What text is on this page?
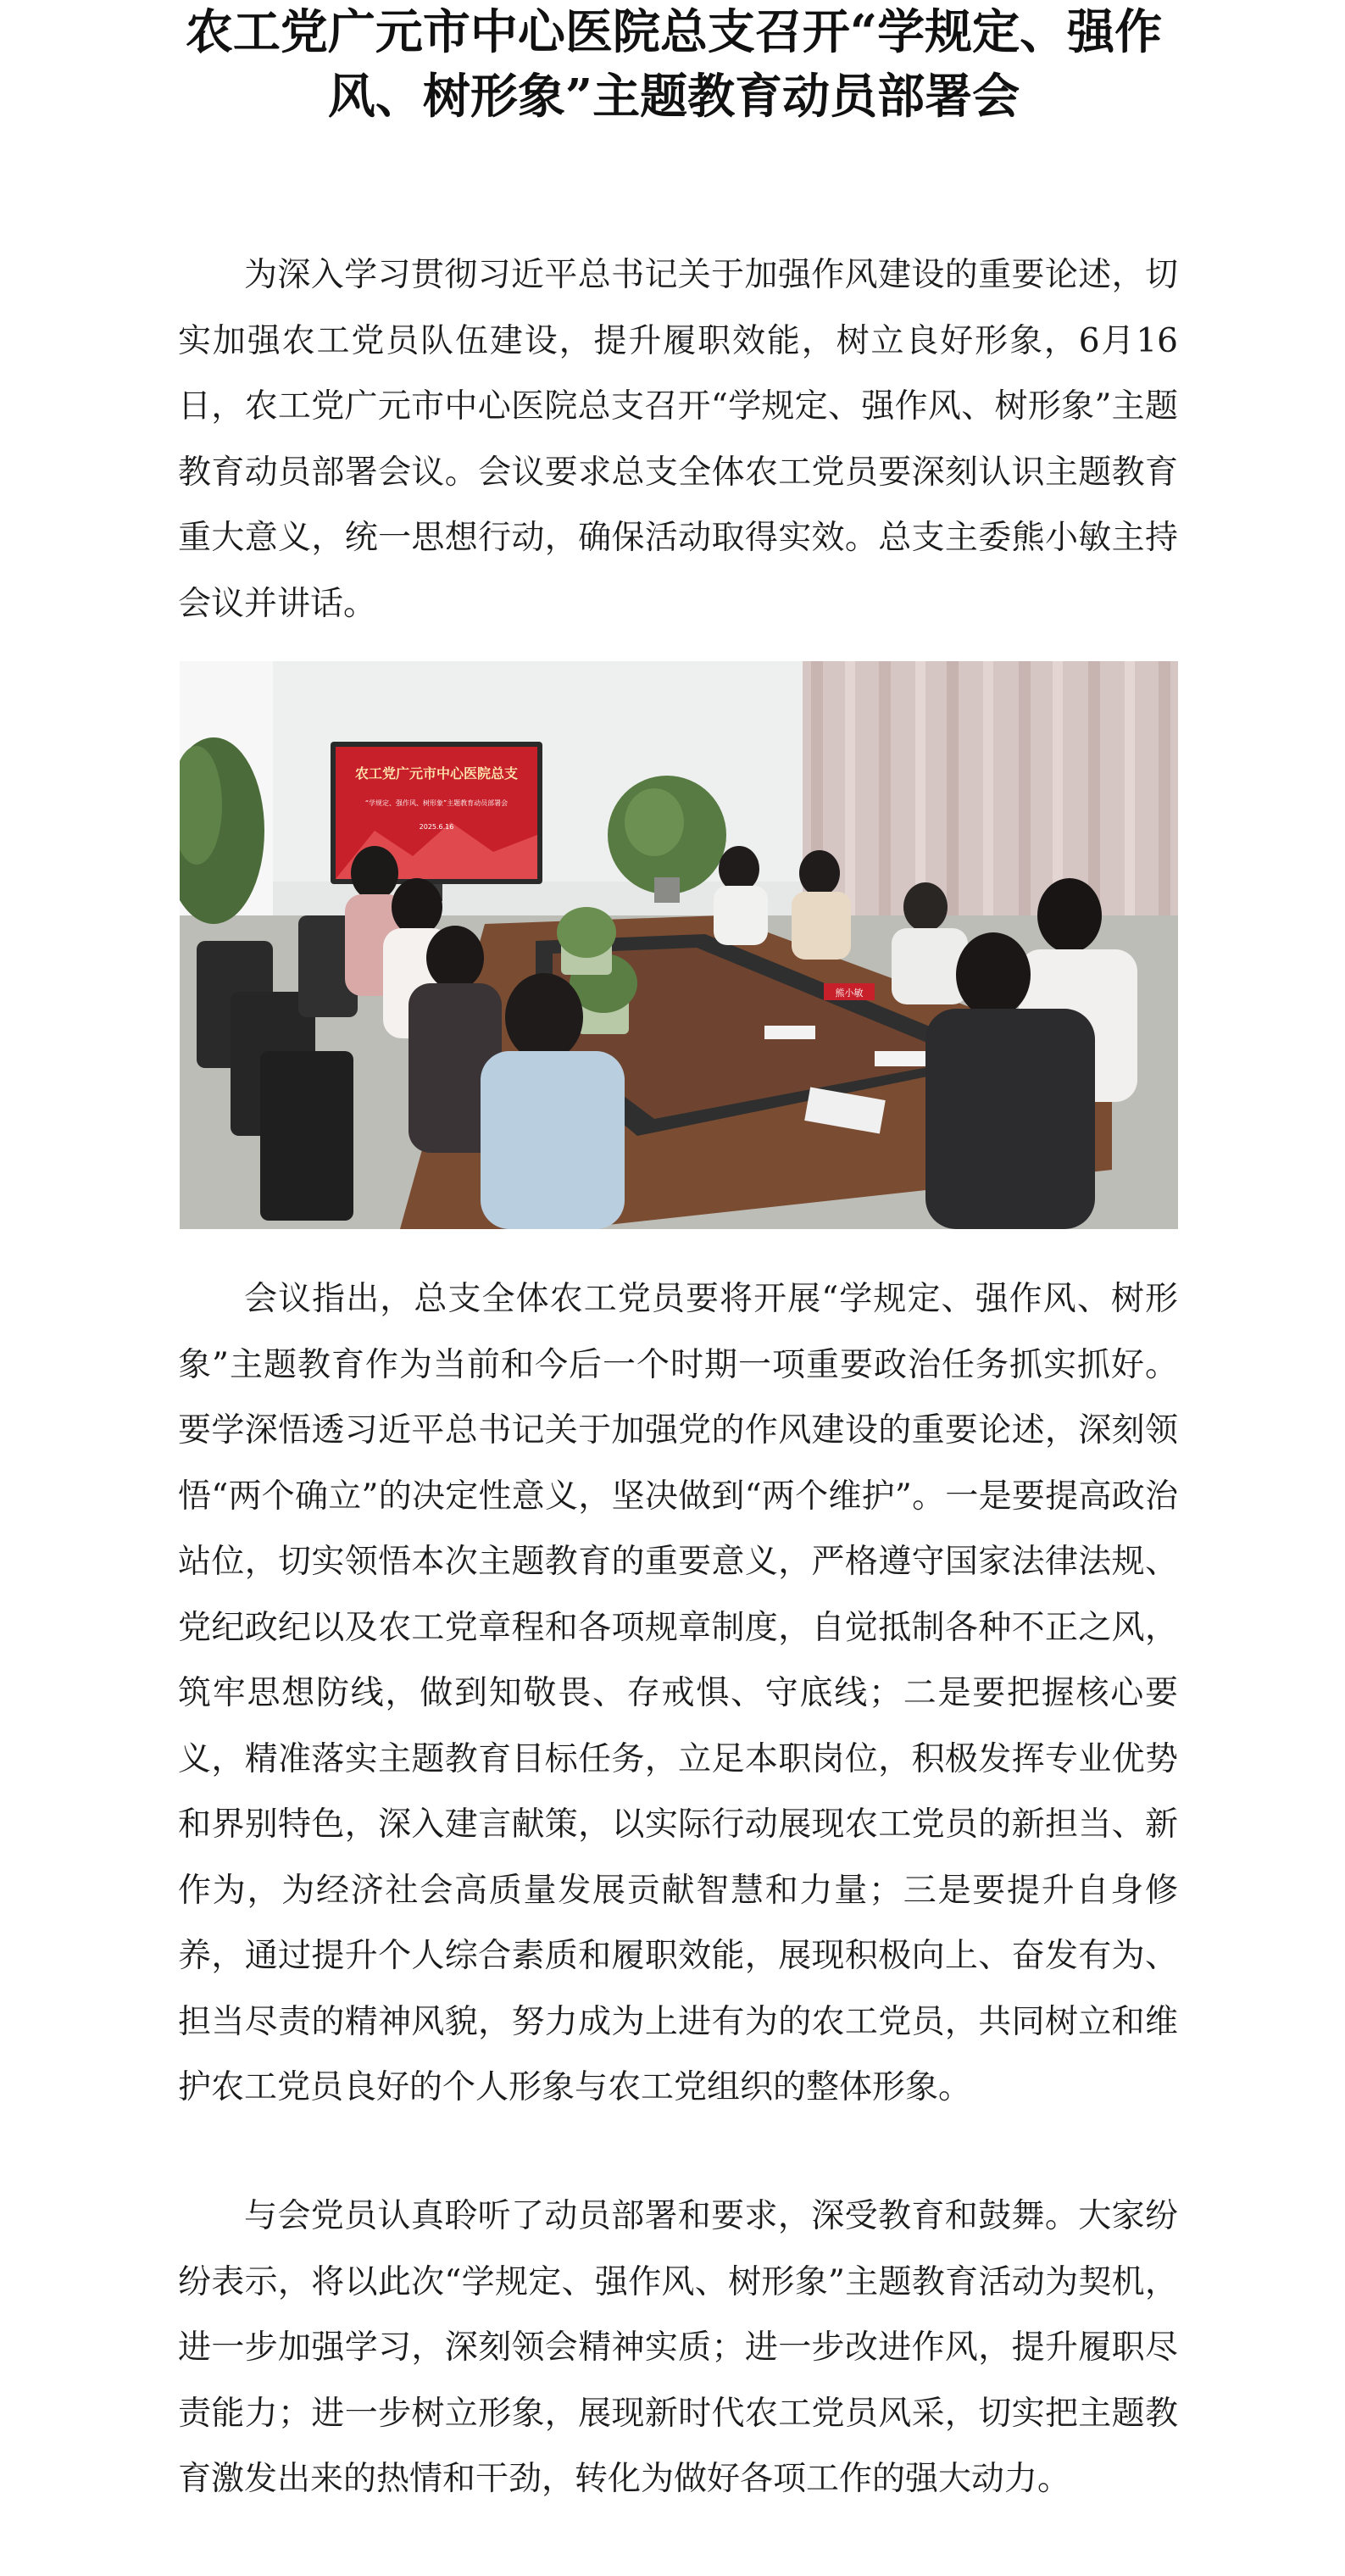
农工党广元市中心医院总支召开“学规定、强作风、树形象”主题教育动员部署会

为深入学习贯彻习近平总书记关于加强作风建设的重要论述，切实加强农工党员队伍建设，提升履职效能，树立良好形象，6月16日，农工党广元市中心医院总支召开“学规定、强作风、树形象”主题教育动员部署会议。会议要求总支全体农工党员要深刻认识主题教育重大意义，统一思想行动，确保活动取得实效。总支主委熊小敏主持会议并讲话。

农工党广元市中心医院总支
“学规定、强作风、树形象”主题教育动员部署会
2025.6.16
熊小敏

会议指出，总支全体农工党员要将开展“学规定、强作风、树形象”主题教育作为当前和今后一个时期一项重要政治任务抓实抓好。要学深悟透习近平总书记关于加强党的作风建设的重要论述，深刻领悟“两个确立”的决定性意义，坚决做到“两个维护”。一是要提高政治站位，切实领悟本次主题教育的重要意义，严格遵守国家法律法规、党纪政纪以及农工党章程和各项规章制度，自觉抵制各种不正之风，筑牢思想防线，做到知敬畏、存戒惧、守底线；二是要把握核心要义，精准落实主题教育目标任务，立足本职岗位，积极发挥专业优势和界别特色，深入建言献策，以实际行动展现农工党员的新担当、新作为，为经济社会高质量发展贡献智慧和力量；三是要提升自身修养，通过提升个人综合素质和履职效能，展现积极向上、奋发有为、担当尽责的精神风貌，努力成为上进有为的农工党员，共同树立和维护农工党员良好的个人形象与农工党组织的整体形象。

与会党员认真聆听了动员部署和要求，深受教育和鼓舞。大家纷纷表示，将以此次“学规定、强作风、树形象”主题教育活动为契机，进一步加强学习，深刻领会精神实质；进一步改进作风，提升履职尽责能力；进一步树立形象，展现新时代农工党员风采，切实把主题教育激发出来的热情和干劲，转化为做好各项工作的强大动力。
